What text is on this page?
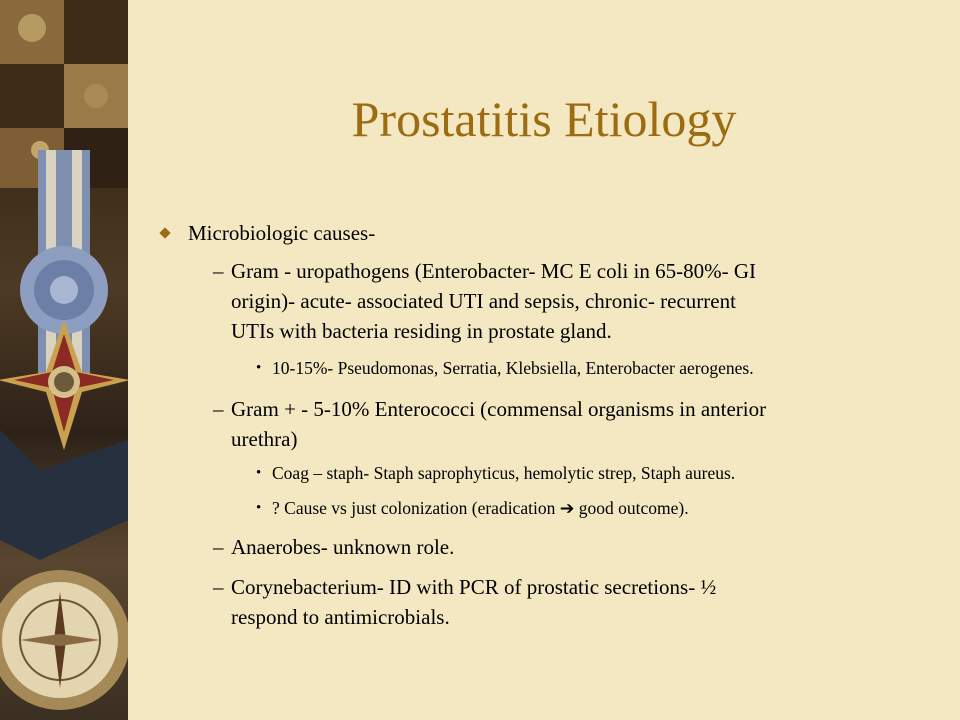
Prostatitis Etiology
Microbiologic causes-
– Gram - uropathogens (Enterobacter- MC E coli in 65-80%- GI
origin)- acute- associated UTI and sepsis, chronic- recurrent
UTIs with bacteria residing in prostate gland.
• 10-15%- Pseudomonas, Serratia, Klebsiella, Enterobacter aerogenes.
– Gram + - 5-10% Enterococci (commensal organisms in anterior
urethra)
• Coag – staph- Staph saprophyticus, hemolytic strep, Staph aureus.
• ? Cause vs just colonization (eradication ➔ good outcome).
– Anaerobes- unknown role.
– Corynebacterium- ID with PCR of prostatic secretions- ½
respond to antimicrobials.
